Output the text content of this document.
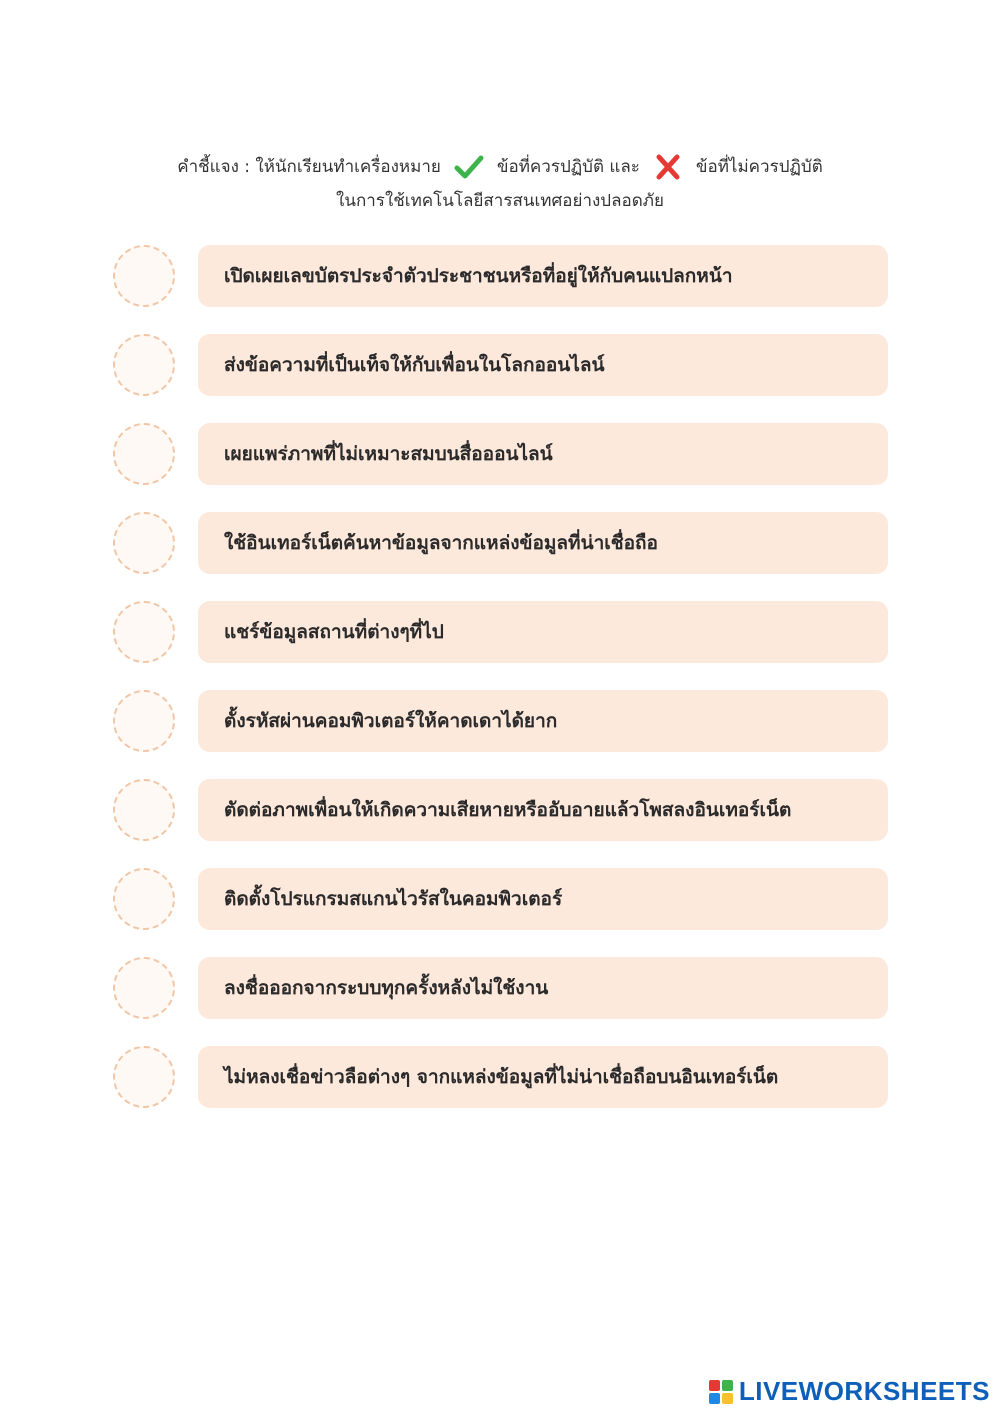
คำชี้แจง : ให้นักเรียนทำเครื่องหมาย	ข้อที่ควรปฏิบัติ และ	ข้อที่ไม่ควรปฏิบัติ
ในการใช้เทคโนโลยีสารสนเทศอย่างปลอดภัย
เปิดเผยเลขบัตรประจำตัวประชาชนหรือที่อยู่ให้กับคนแปลกหน้า
ส่งข้อความที่เป็นเท็จให้กับเพื่อนในโลกออนไลน์
เผยแพร่ภาพที่ไม่เหมาะสมบนสื่อออนไลน์
ใช้อินเทอร์เน็ตค้นหาข้อมูลจากแหล่งข้อมูลที่น่าเชื่อถือ
แชร์ข้อมูลสถานที่ต่างๆที่ไป
ตั้งรหัสผ่านคอมพิวเตอร์ให้คาดเดาได้ยาก
ตัดต่อภาพเพื่อนให้เกิดความเสียหายหรืออับอายแล้วโพสลงอินเทอร์เน็ต
ติดตั้งโปรแกรมสแกนไวรัสในคอมพิวเตอร์
ลงชื่อออกจากระบบทุกครั้งหลังไม่ใช้งาน
ไม่หลงเชื่อข่าวลือต่างๆ จากแหล่งข้อมูลที่ไม่น่าเชื่อถือบนอินเทอร์เน็ต
LIVEWORKSHEETS
